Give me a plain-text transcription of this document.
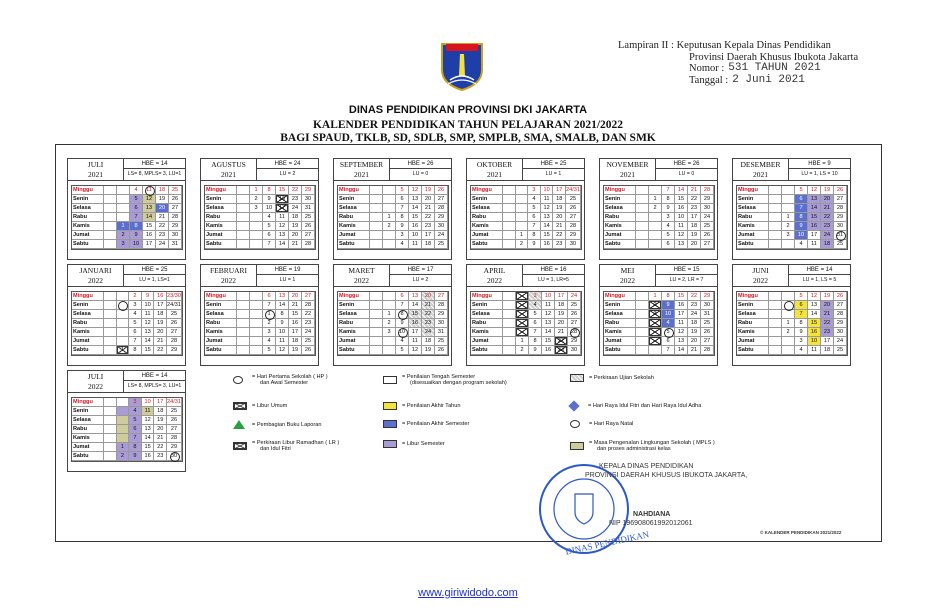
Lampiran II : Keputusan Kepala Dinas Pendidikan
Provinsi Daerah Khusus Ibukota Jakarta
Nomor : 531 TAHUN 2021
Tanggal : 2 Juni 2021
DINAS PENDIDIKAN PROVINSI DKI JAKARTA
KALENDER PENDIDIKAN TAHUN PELAJARAN 2021/2022
BAGI SPAUD, TKLB, SD, SDLB, SMP, SMPLB, SMA, SMALB, DAN SMK
JULI
2021
HBE = 14
LS= 8, MPLS= 3, LU=1
Minggu	4	11	18	25
Senin	5	12	19	26
Selasa	6	13	20	27
Rabu	7	14	21	28
Kamis	1	8	15	22	29
Jumat	2	9	16	23	30
Sabtu	3	10	17	24	31
AGUSTUS
2021
HBE = 24
LU = 2
Minggu	1	8	15	22	29
Senin	2	9	16	23	30
Selasa	3	10	17	24	31
Rabu	4	11	18	25
Kamis	5	12	19	26
Jumat	6	13	20	27
Sabtu	7	14	21	28
SEPTEMBER
2021
HBE = 26
LU = 0
Minggu	5	12	19	26
Senin	6	13	20	27
Selasa	7	14	21	28
Rabu	1	8	15	22	29
Kamis	2	9	16	23	30
Jumat	3	10	17	24
Sabtu	4	11	18	25
OKTOBER
2021
HBE = 25
LU = 1
Minggu	3	10	17 24/31
Senin	4	11	18	25
Selasa	5	12	19	26
Rabu	6	13	20	27
Kamis	7	14	21	28
Jumat	1	8	15	22	29
Sabtu	2	9	16	23	30
NOVEMBER
2021
HBE = 26
LU = 0
Minggu	7	14	21	28
Senin	1	8	15	22	29
Selasa	2	9	16	23	30
Rabu	3	10	17	24
Kamis	4	11	18	25
Jumat	5	12	19	26
Sabtu	6	13	20	27
DESEMBER
2021
HBE = 9
LU = 1, LS = 10
Minggu	5	12	19	26
Senin	6	13	20	27
Selasa	7	14	21	28
Rabu	1	8	15	22	29
Kamis	2	9	16	23	30
Jumat	3	10	17	24	31
Sabtu	4	11	18	25
JANUARI
2022
HBE = 25
LU = 1, LS=1
Minggu	2	9	16 23/30
Senin	3	10	17 24/31
Selasa	4	11	18	25
Rabu	5	12	19	26
Kamis	6	13	20	27
Jumat	7	14	21	28
Sabtu	1	8	15	22	29
FEBRUARI
2022
HBE = 19
LU = 1
Minggu	6	13	20	27
Senin	7	14	21	28
Selasa	1	8	15	22
Rabu	2	9	16	23
Kamis	3	10	17	24
Jumat	4	11	18	25
Sabtu	5	12	19	26
MARET
2022
HBE = 17
LU = 2
Minggu	6	13	20	27
Senin	7	14	21	28
Selasa	1	8	15	22	29
Rabu	2	9	16	23	30
Kamis	3	10	17	24	31
Jumat	4	11	18	25
Sabtu	5	12	19	26
APRIL
2022
HBE = 16
LU = 1, LR=5
Minggu	3	10	17	24
Senin	4	11	18	25
Selasa	5	12	19	26
Rabu	6	13	20	27
Kamis	7	14	21	28
Jumat	1	8	15	22	29
Sabtu	2	9	16	23	30
MEI
2022
HBE = 15
LU = 2, LR = 7
Minggu	1	8	15	22	29
Senin	2	9	16	23	30
Selasa	3	10	17	24	31
Rabu	4	11	18	25
Kamis	5	12	19	26
Jumat	6	13	20	27
Sabtu	7	14	21	28
JUNI
2022
HBE = 14
LU = 1, LS = 5
Minggu	5	12	19	26
Senin	6	13	20	27
Selasa	7	14	21	28
Rabu	1	8	15	22	29
Kamis	2	9	16	23	30
Jumat	3	10	17	24
Sabtu	4	11	18	25
JULI
2022
HBE = 14
LS= 8, MPLS= 3, LU=1
Minggu	3	10	17 24/31
Senin	4	11	18	25
Selasa	5	12	19	26
Rabu	6	13	20	27
Kamis	7	14	21	28
Jumat	1	8	15	22	29
Sabtu	2	9	16	23	30
= Hari Pertama Sekolah ( HP )
dan Awal Semester
= Libur Umum
= Pembagian Buku Laporan
= Perkiraan Libur Ramadhan ( LR )
dan Idul Fitri
= Penilaian Tengah Semester
(disesuaikan dengan program sekolah)
= Penilaian Akhir Tahun
= Penilaian Akhir Semester
= Libur Semester
= Perkiraan Ujian Sekolah
= Hari Raya Idul Fitri dan Hari Raya Idul Adha
= Hari Raya Natal
= Masa Pengenalan Lingkungan Sekolah ( MPLS )
dan proses administrasi kelas
DINAS PENDIDIKAN
KEPALA DINAS PENDIDIKAN
PROVINSI DAERAH KHUSUS IBUKOTA JAKARTA,
NAHDIANA
NIP 196908061992012061
© KALENDER PENDIDIKAN 2021/2022
www.giriwidodo.com
